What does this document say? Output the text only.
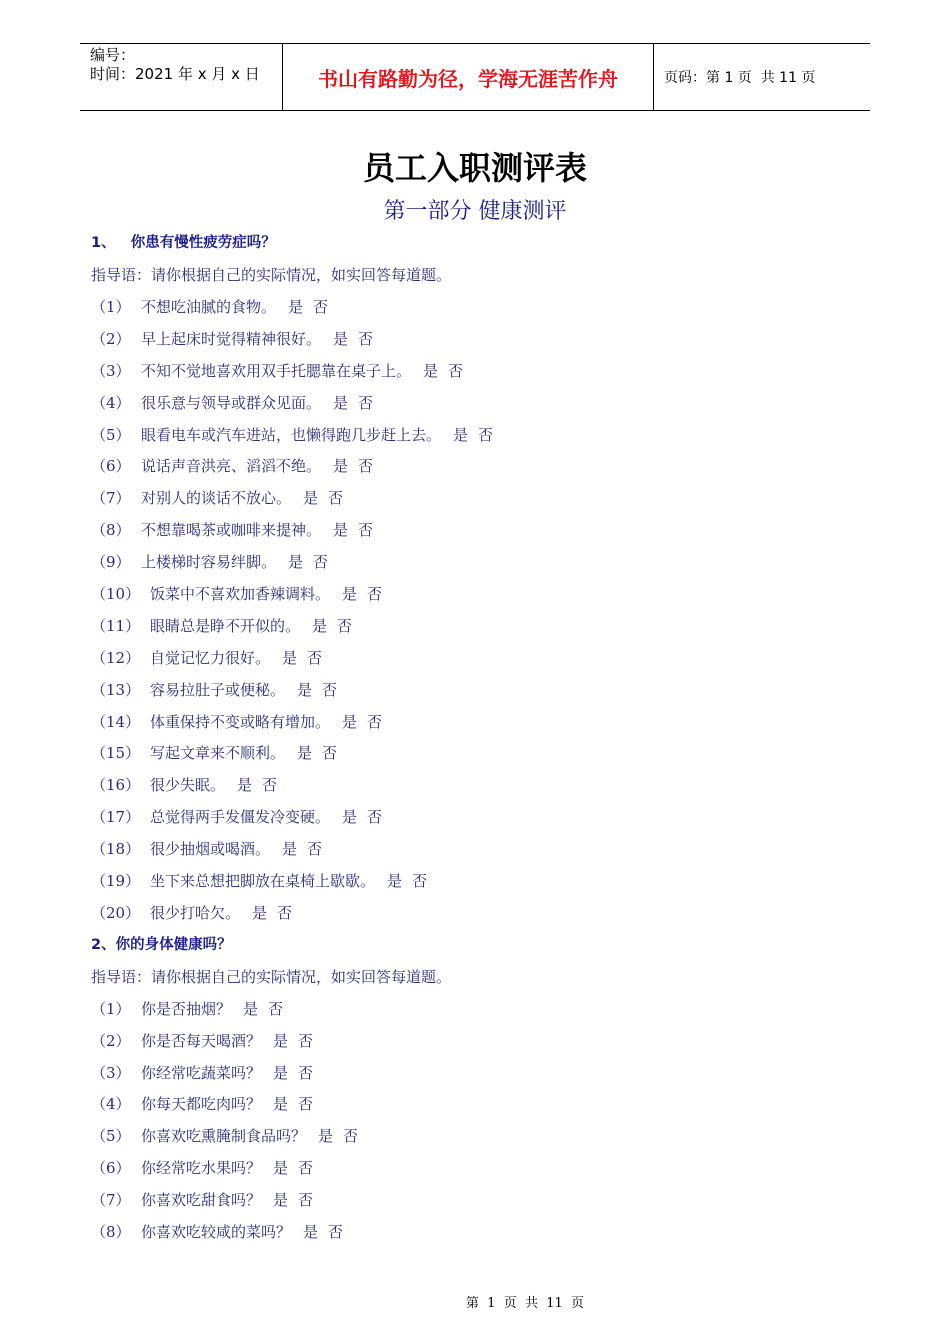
编号：
时间：2021 年 x 月 x 日	书山有路勤为径，学海无涯苦作舟	页码：第 1 页  共 11 页
员工入职测评表
第一部分 健康测评
1、   你患有慢性疲劳症吗？
指导语：请你根据自己的实际情况，如实回答每道题。
（1） 不想吃油腻的食物。 是 否
（2） 早上起床时觉得精神很好。 是 否
（3） 不知不觉地喜欢用双手托腮靠在桌子上。 是 否
（4） 很乐意与领导或群众见面。 是 否
（5） 眼看电车或汽车进站，也懒得跑几步赶上去。 是 否
（6） 说话声音洪亮、滔滔不绝。 是 否
（7） 对别人的谈话不放心。 是 否
（8） 不想靠喝茶或咖啡来提神。 是 否
（9） 上楼梯时容易绊脚。 是 否
（10） 饭菜中不喜欢加香辣调料。 是 否
（11） 眼睛总是睁不开似的。 是 否
（12） 自觉记忆力很好。 是 否
（13） 容易拉肚子或便秘。 是 否
（14） 体重保持不变或略有增加。 是 否
（15） 写起文章来不顺利。 是 否
（16） 很少失眠。 是 否
（17） 总觉得两手发僵发冷变硬。 是 否
（18） 很少抽烟或喝酒。 是 否
（19） 坐下来总想把脚放在桌椅上歇歇。 是 否
（20） 很少打哈欠。 是 否
2、你的身体健康吗？
指导语：请你根据自己的实际情况，如实回答每道题。
（1） 你是否抽烟？ 是 否
（2） 你是否每天喝酒？ 是 否
（3） 你经常吃蔬菜吗？ 是 否
（4） 你每天都吃肉吗？ 是 否
（5） 你喜欢吃熏腌制食品吗？ 是 否
（6） 你经常吃水果吗？ 是 否
（7） 你喜欢吃甜食吗？ 是 否
（8） 你喜欢吃较咸的菜吗？ 是 否
第  1  页  共  11  页
